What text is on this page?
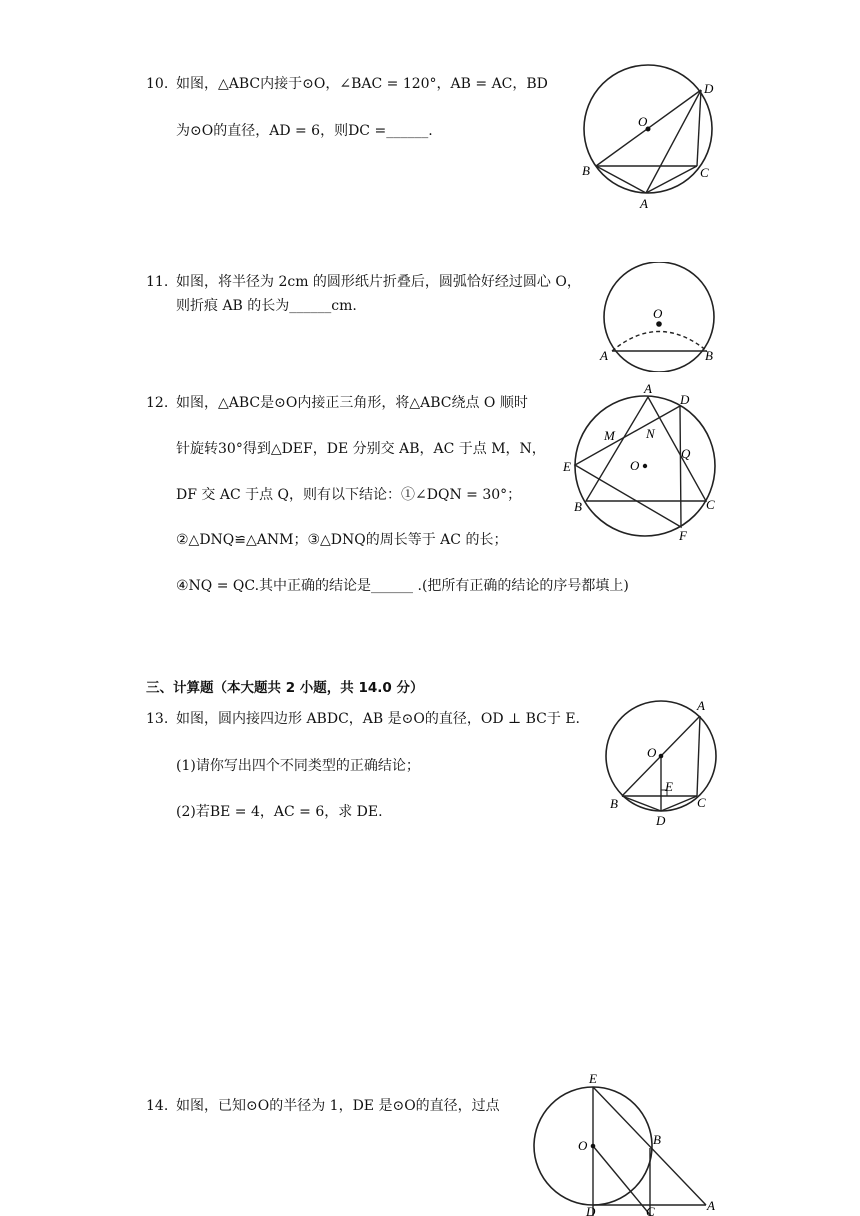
10. 如图，△ABC内接于⊙O，∠BAC = 120°，AB = AC，BD
为⊙O的直径，AD = 6，则DC =______.
O
D
B	C
A
11. 如图，将半径为 2cm 的圆形纸片折叠后，圆弧恰好经过圆心 O，
则折痕 AB 的长为______cm.	O
A	B
12. 如图，△ABC是⊙O内接正三角形，将△ABC绕点 O 顺时
针旋转30°得到△DEF，DE 分别交 AB，AC 于点 M，N，
DF 交 AC 于点 Q，则有以下结论：①∠DQN = 30°；
②△DNQ≌△ANM；③△DNQ的周长等于 AC 的长；
④NQ = QC.其中正确的结论是______ .(把所有正确的结论的序号都填上)
A
D
M N
E	O
Q
B	C
F
三、计算题（本大题共 2 小题，共 14.0 分）
13. 如图，圆内接四边形 ABDC，AB 是⊙O的直径，OD ⊥ BC于 E.
(1)请你写出四个不同类型的正确结论；
(2)若BE = 4，AC = 6，求 DE.
A
O
E
B	C
D
14. 如图，已知⊙O的半径为 1，DE 是⊙O的直径，过点
E
O	B
D	C	A
